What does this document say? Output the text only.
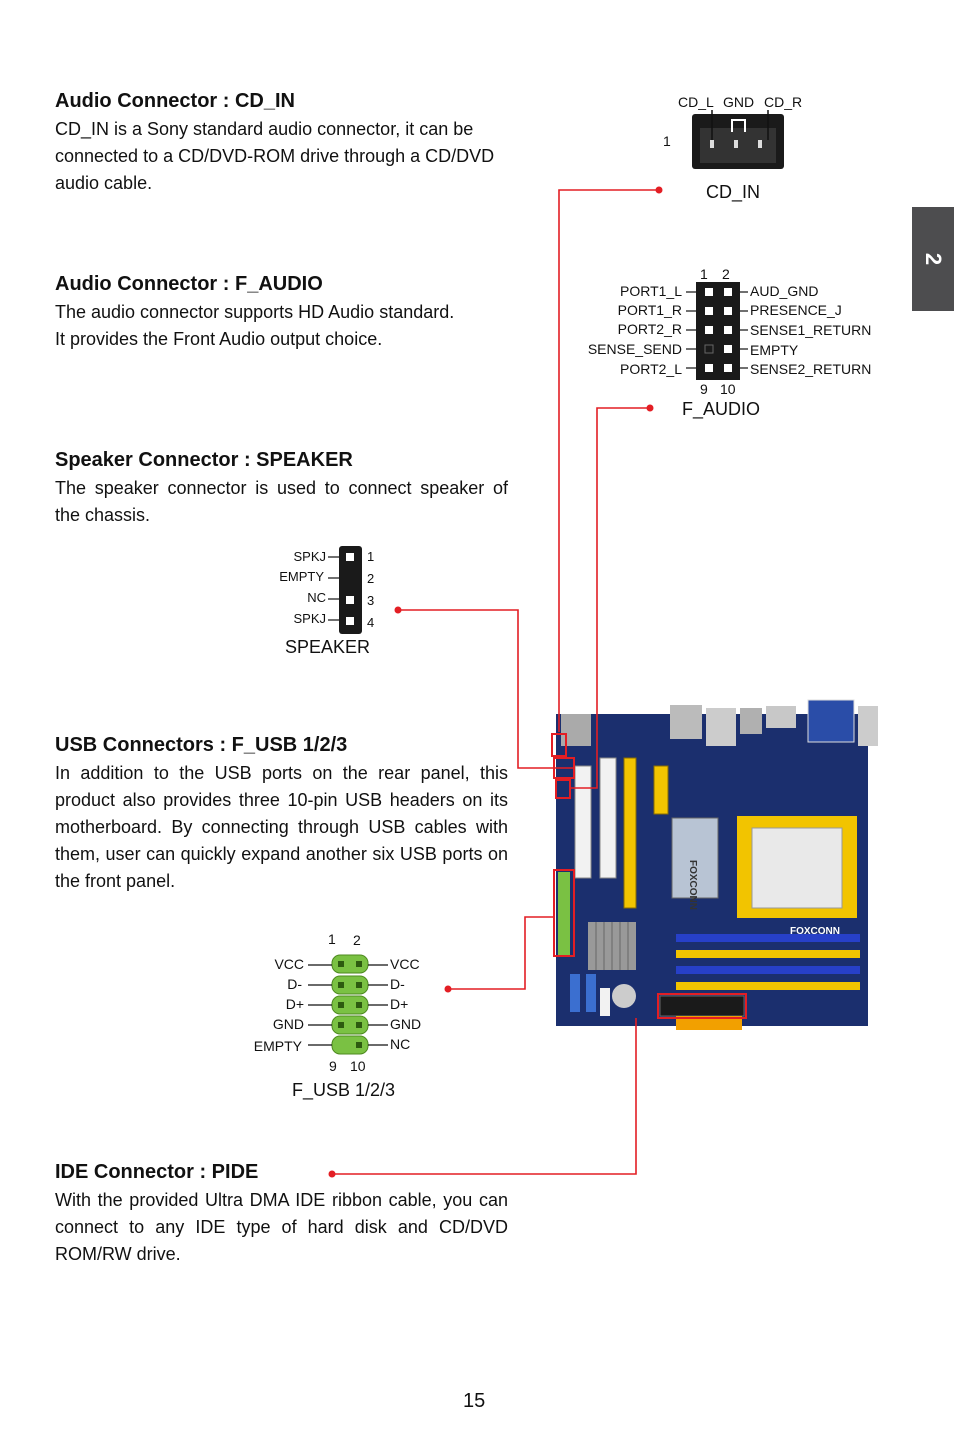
2
Audio Connector : CD_IN
CD_IN is a Sony standard audio connector, it can be
connected to a CD/DVD-ROM drive through a CD/DVD
audio cable.
Audio Connector : F_AUDIO
The audio connector supports HD Audio standard.
It provides the Front Audio output choice.
Speaker Connector : SPEAKER
The speaker connector is used to connect speaker of the chassis.
USB Connectors : F_USB 1/2/3
In addition to the USB ports on the rear panel, this product also provides three 10-pin USB headers on its motherboard. By connecting through USB cables with them, user can quickly expand another six USB ports on the front panel.
IDE Connector : PIDE
With the provided Ultra DMA IDE ribbon cable, you can connect to any IDE type of hard disk and CD/DVD ROM/RW drive.
15
FOXCONN
FOXCONN
CD_L GND CD_R
1
CD_IN
1 2
9 10
PORT1_L
PORT1_R
PORT2_R
SENSE_SEND
PORT2_L
AUD_GND
PRESENCE_J
SENSE1_RETURN
EMPTY
SENSE2_RETURN
F_AUDIO
SPKJ
EMPTY
NC
SPKJ
1
2
3
4
SPEAKER
1 2
9 10
VCC
D-
D+
GND
EMPTY
VCC
D-
D+
GND
NC
F_USB 1/2/3
